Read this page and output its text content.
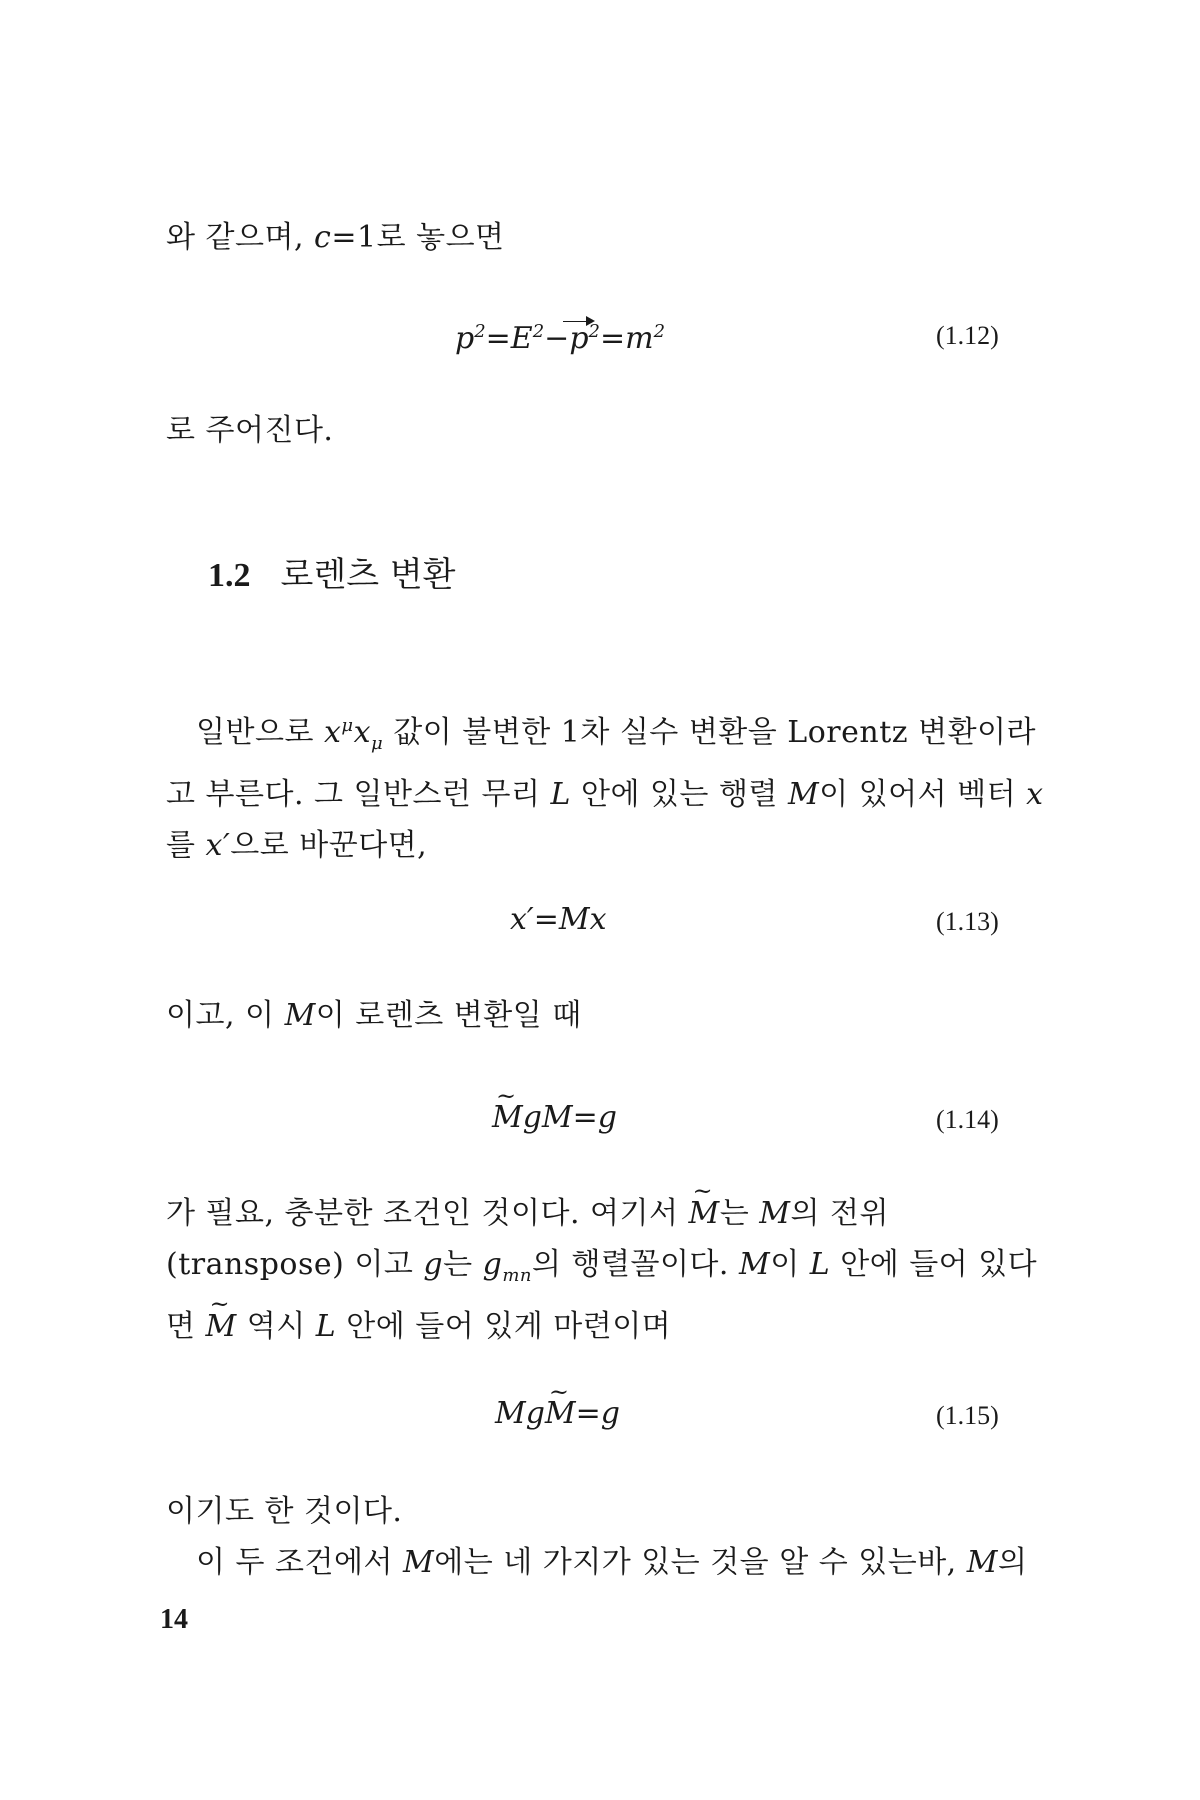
와 같으며, c=1로 놓으면
$p^2=E^2-p^2=m^2$	(1.12)
로 주어진다.
1.2 로렌츠 변환
일반으로 $x^\mu x_\mu$ 값이 불변한 1차 실수 변환을 Lorentz 변환이라고 부른다. 그 일반스런 무리 L 안에 있는 행렬 M이 있어서 벡터 x를 x′으로 바꾼다면,
x′=Mx	(1.13)
이고, 이 M이 로렌츠 변환일 때
~ MgM=g	(1.14)
가 필요, 충분한 조건인 것이다. 여기서 ~ M는 M의 전위(transpose) 이고 g는 $g_{mn}$의 행렬꼴이다. M이 L 안에 들어 있다면 ~ M 역시 L 안에 들어 있게 마련이며
Mg~ M=g	(1.15)
이기도 한 것이다.
이 두 조건에서 M에는 네 가지가 있는 것을 알 수 있는바, M의
14
